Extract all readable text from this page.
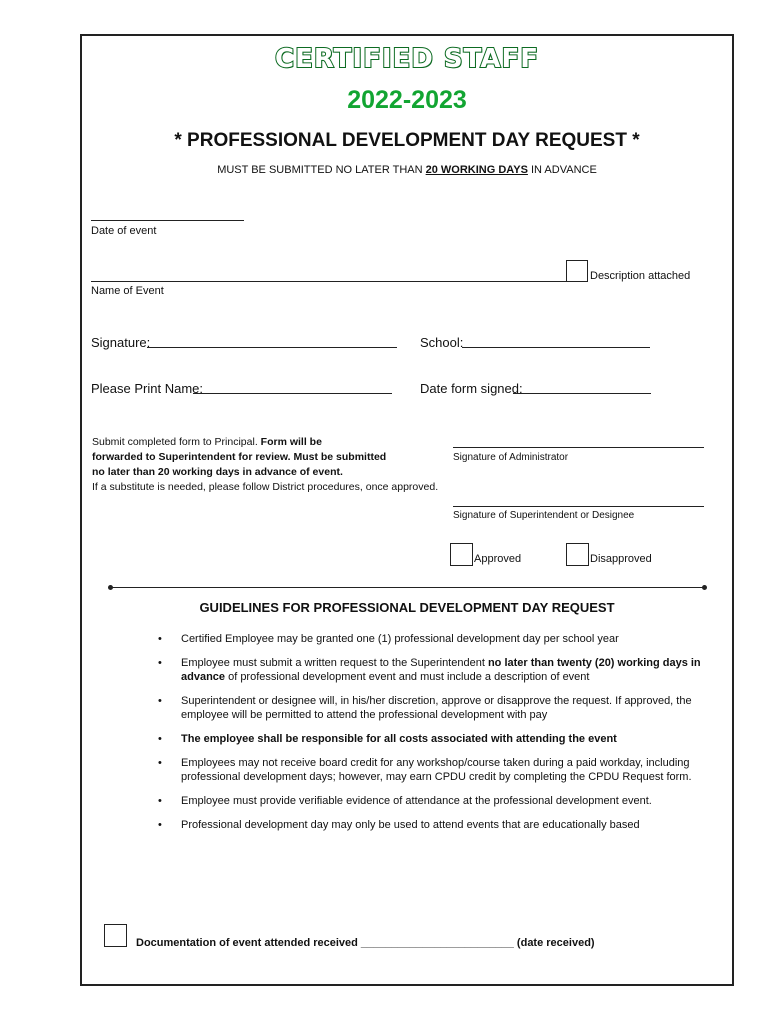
CERTIFIED STAFF
2022-2023
* PROFESSIONAL DEVELOPMENT DAY REQUEST *
MUST BE SUBMITTED NO LATER THAN 20 WORKING DAYS IN ADVANCE
Date of event
Description attached
Name of Event
Signature:	School:
Please Print Name:	Date form signed:
Submit completed form to Principal. Form will be
forwarded to Superintendent for review. Must be submitted
no later than 20 working days in advance of event.
If a substitute is needed, please follow District procedures, once approved.
Signature of Administrator
Signature of Superintendent or Designee
Approved	Disapproved
GUIDELINES FOR PROFESSIONAL DEVELOPMENT DAY REQUEST
• Certified Employee may be granted one (1) professional development day per school year
• Employee must submit a written request to the Superintendent no later than twenty (20) working days in advance of professional development event and must include a description of event
• Superintendent or designee will, in his/her discretion, approve or disapprove the request. If approved, the employee will be permitted to attend the professional development with pay
• The employee shall be responsible for all costs associated with attending the event
• Employees may not receive board credit for any workshop/course taken during a paid workday, including professional development days; however, may earn CPDU credit by completing the CPDU Request form.
• Employee must provide verifiable evidence of attendance at the professional development event.
• Professional development day may only be used to attend events that are educationally based
Documentation of event attended received _________________________ (date received)
